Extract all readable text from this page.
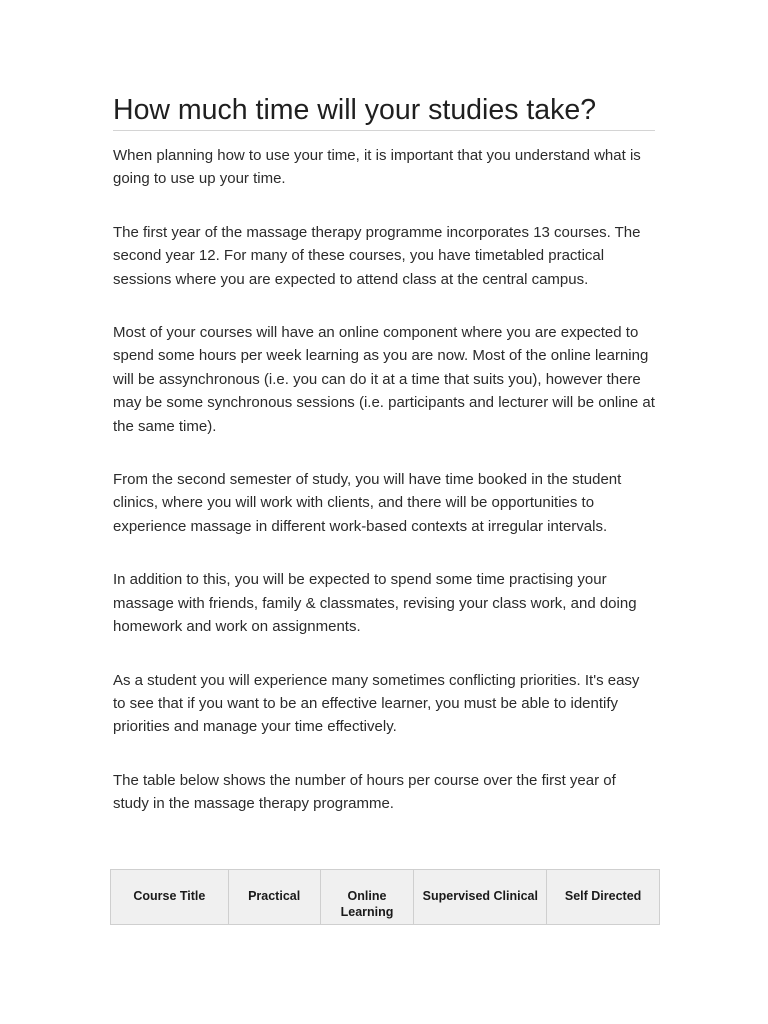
How much time will your studies take?

When planning how to use your time, it is important that you understand what is going to use up your time.

The first year of the massage therapy programme incorporates 13 courses. The second year 12. For many of these courses, you have timetabled practical sessions where you are expected to attend class at the central campus.

Most of your courses will have an online component where you are expected to spend some hours per week learning as you are now. Most of the online learning will be assynchronous (i.e. you can do it at a time that suits you), however there may be some synchronous sessions (i.e. participants and lecturer will be online at the same time).

From the second semester of study, you will have time booked in the student clinics, where you will work with clients, and there will be opportunities to experience massage in different work-based contexts at irregular intervals.

In addition to this, you will be expected to spend some time practising your massage with friends, family & classmates, revising your class work, and doing homework and work on assignments.

As a student you will experience many sometimes conflicting priorities. It's easy to see that if you want to be an effective learner, you must be able to identify priorities and manage your time effectively.

The table below shows the number of hours per course over the first year of study in the massage therapy programme.

Course Title	Practical	Online Learning	Supervised Clinical	Self Directed
